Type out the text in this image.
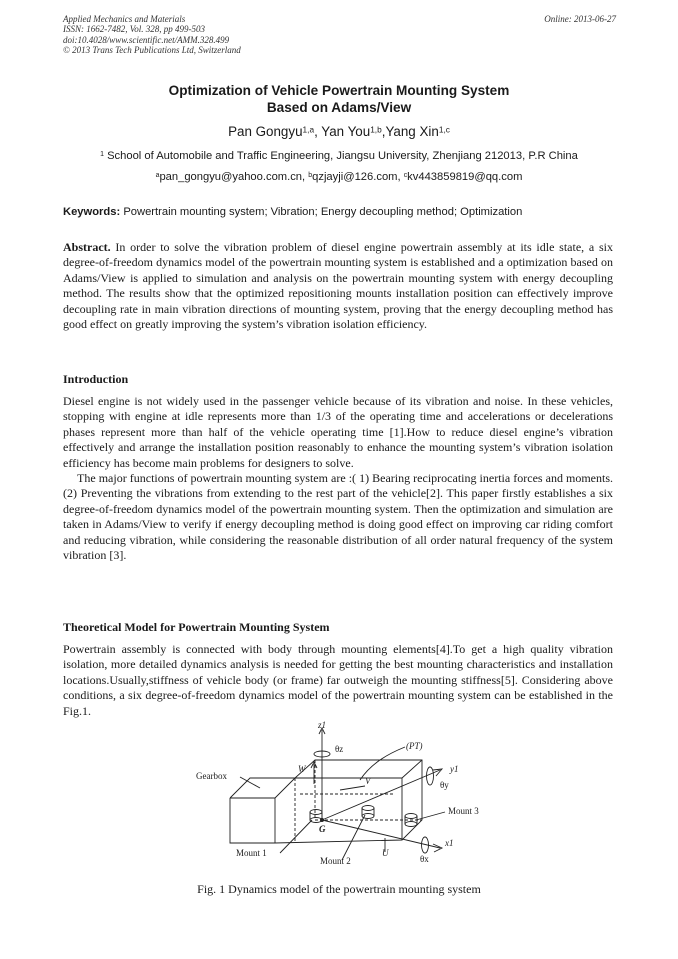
Applied Mechanics and Materials
ISSN: 1662-7482, Vol. 328, pp 499-503
doi:10.4028/www.scientific.net/AMM.328.499
© 2013 Trans Tech Publications Ltd, Switzerland
Online: 2013-06-27
Optimization of Vehicle Powertrain Mounting System
Based on Adams/View
Pan Gongyu$^{1,a}$, Yan You$^{1,b}$,Yang Xin$^{1,c}$
$^1$ School of Automobile and Traffic Engineering, Jiangsu University, Zhenjiang 212013, P.R China
$^a$pan_gongyu@yahoo.com.cn, $^b$qzjayji@126.com, $^c$kv443859819@qq.com
Keywords: Powertrain mounting system; Vibration; Energy decoupling method; Optimization

Abstract. In order to solve the vibration problem of diesel engine powertrain assembly at its idle state, a six degree-of-freedom dynamics model of the powertrain mounting system is established and a optimization based on Adams/View is applied to simulation and analysis on the powertrain mounting system with energy decoupling method. The results show that the optimized repositioning mounts installation position can effectively improve decoupling rate in main vibration directions of mounting system, proving that the energy decoupling method has good effect on greatly improving the system’s vibration isolation efficiency.

Introduction

Diesel engine is not widely used in the passenger vehicle because of its vibration and noise. In these vehicles, stopping with engine at idle represents more than 1/3 of the operating time and accelerations or decelerations phases represent more than half of the vehicle operating time [1].How to reduce diesel engine’s vibration effectively and arrange the installation position reasonably to enhance the mounting system’s vibration isolation efficiency has become main problems for designers to solve.

The major functions of powertrain mounting system are :( 1) Bearing reciprocating inertia forces and moments.(2) Preventing the vibrations from extending to the rest part of the vehicle[2]. This paper firstly establishes a six degree-of-freedom dynamics model of the powertrain mounting system. Then the optimization and simulation are taken in Adams/View to verify if energy decoupling method is doing good effect on improving car riding comfort and reducing vibration, while considering the reasonable distribution of all order natural frequency of the system vibration [3].

Theoretical Model for Powertrain Mounting System

Powertrain assembly is connected with body through mounting elements[4].To get a high quality vibration isolation, more detailed dynamics analysis is needed for getting the best mounting characteristics and installation locations.Usually,stiffness of vehicle body (or frame) far outweigh the mounting stiffness[5]. Considering above conditions, a six degree-of-freedom dynamics model of the powertrain mounting system can be established in the Fig.1.

z1
θz	(PT)
y1
θy
Gearbox
W
V
Mount 3
G
x1
Mount 1
Mount 2
U
θx
Fig. 1 Dynamics model of the powertrain mounting system
